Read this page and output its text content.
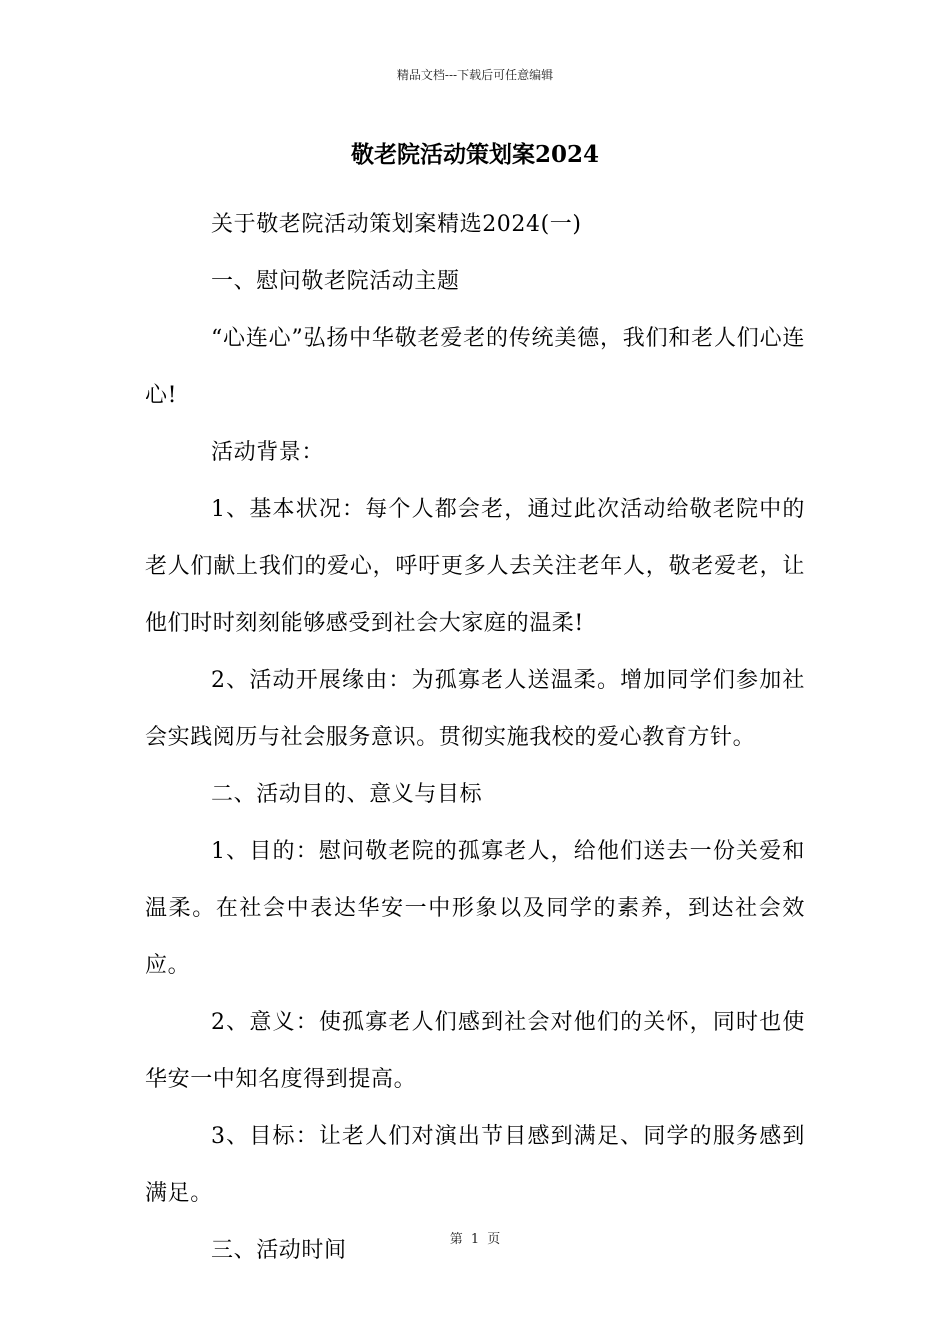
精品文档---下载后可任意编辑
敬老院活动策划案2024

关于敬老院活动策划案精选2024(一)

一、慰问敬老院活动主题

“心连心”弘扬中华敬老爱老的传统美德，我们和老人们心连心!

活动背景：

1、基本状况：每个人都会老，通过此次活动给敬老院中的老人们献上我们的爱心，呼吁更多人去关注老年人，敬老爱老，让他们时时刻刻能够感受到社会大家庭的温柔!

2、活动开展缘由：为孤寡老人送温柔。增加同学们参加社会实践阅历与社会服务意识。贯彻实施我校的爱心教育方针。

二、活动目的、意义与目标

1、目的：慰问敬老院的孤寡老人，给他们送去一份关爱和温柔。在社会中表达华安一中形象以及同学的素养，到达社会效应。

2、意义：使孤寡老人们感到社会对他们的关怀，同时也使华安一中知名度得到提高。

3、目标：让老人们对演出节目感到满足、同学的服务感到满足。

三、活动时间	第 1 页
